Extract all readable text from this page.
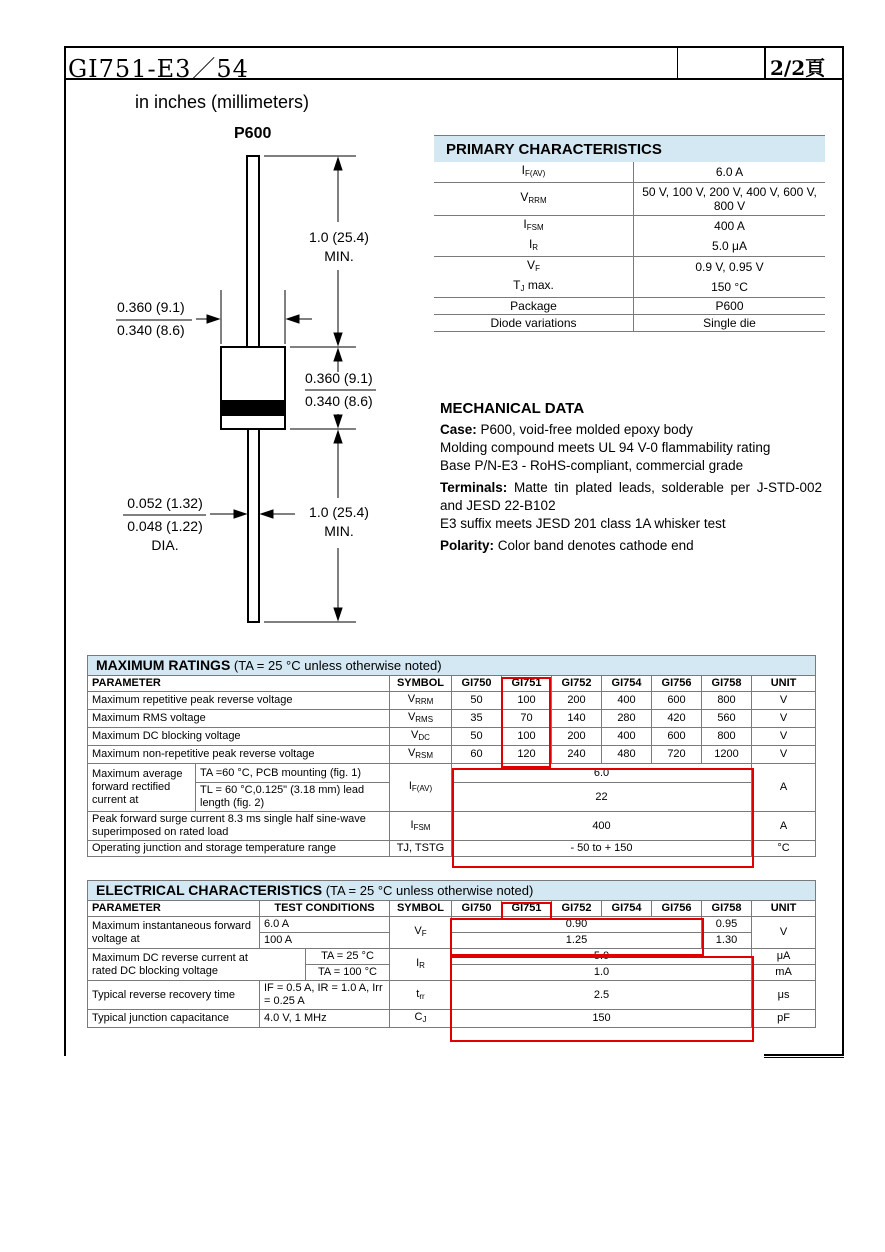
GI751-E3／54	2/2頁
in inches (millimeters)
P600
1.0 (25.4)
MIN.
0.360 (9.1)
0.340 (8.6)
0.360 (9.1)
0.340 (8.6)
0.052 (1.32)
0.048 (1.22)
DIA.
1.0 (25.4)
MIN.
PRIMARY CHARACTERISTICS	
$I_{F(AV)}$	6.0 A
$V_{RRM}$	50 V, 100 V, 200 V, 400 V, 600 V, 800 V
$I_{FSM}$	400 A
$I_R$	5.0 μA
$V_F$	0.9 V, 0.95 V
$T_J$ max.	150 °C
Package	P600
Diode variations	Single die
MECHANICAL DATA

Case: P600, void-free molded epoxy body
Molding compound meets UL 94 V-0 flammability rating
Base P/N-E3 - RoHS-compliant, commercial grade

Terminals: Matte tin plated leads, solderable per J-STD-002 and JESD 22-B102
E3 suffix meets JESD 201 class 1A whisker test

Polarity: Color band denotes cathode end

MAXIMUM RATINGS (TA = 25 °C unless otherwise noted)									
PARAMETER		SYMBOL	GI750	GI751	GI752	GI754	GI756	GI758	UNIT
Maximum repetitive peak reverse voltage		$V_{RRM}$	50	100	200	400	600	800	V
Maximum RMS voltage		$V_{RMS}$	35	70	140	280	420	560	V
Maximum DC blocking voltage		$V_{DC}$	50	100	200	400	600	800	V
Maximum non-repetitive peak reverse voltage		$V_{RSM}$	60	120	240	480	720	1200	V
Maximum average forward rectified current at	TA =60 °C, PCB mounting (fig. 1)	$I_{F(AV)}$	6.0						A
	TL = 60 °C,0.125" (3.18 mm) lead length (fig. 2)		22						
Peak forward surge current 8.3 ms single half sine-wave superimposed on rated load		$I_{FSM}$	400						A
Operating junction and storage temperature range		TJ, TSTG	- 50 to + 150						°C
ELECTRICAL CHARACTERISTICS (TA = 25 °C unless otherwise noted)										
PARAMETER	TEST CONDITIONS		SYMBOL	GI750	GI751	GI752	GI754	GI756	GI758	UNIT
Maximum instantaneous forward voltage at	6.0 A		$V_F$	0.90					0.95	V
	100 A			1.25					1.30	
Maximum DC reverse current at rated DC blocking voltage		TA = 25 °C	$I_R$	5.0						μA
		TA = 100 °C		1.0						mA
Typical reverse recovery time	IF = 0.5 A, IR = 1.0 A, Irr = 0.25 A		$t_{rr}$	2.5						μs
Typical junction capacitance	4.0 V, 1 MHz		$C_J$	150						pF
